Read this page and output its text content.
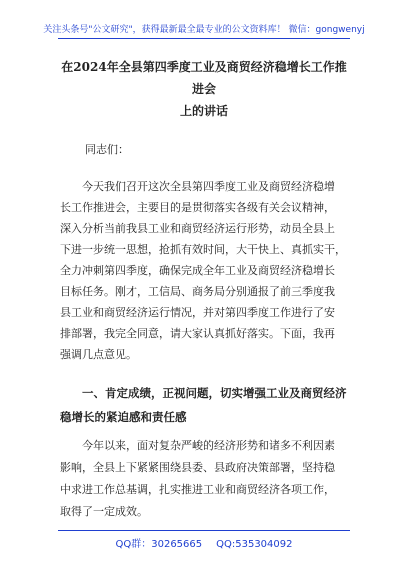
关注头条号"公文研究"，获得最新最全最专业的公文资料库！ 微信：gongwenyj
在2024年全县第四季度工业及商贸经济稳增长工作推进会
上的讲话
同志们：
今天我们召开这次全县第四季度工业及商贸经济稳增
长工作推进会，主要目的是贯彻落实各级有关会议精神，
深入分析当前我县工业和商贸经济运行形势，动员全县上
下进一步统一思想，抢抓有效时间，大干快上、真抓实干，
全力冲刺第四季度，确保完成全年工业及商贸经济稳增长
目标任务。刚才，工信局、商务局分别通报了前三季度我
县工业和商贸经济运行情况，并对第四季度工作进行了安
排部署，我完全同意，请大家认真抓好落实。下面，我再
强调几点意见。
一、肯定成绩，正视问题，切实增强工业及商贸经济
稳增长的紧迫感和责任感
今年以来，面对复杂严峻的经济形势和诸多不利因素
影响，全县上下紧紧围绕县委、县政府决策部署，坚持稳
中求进工作总基调，扎实推进工业和商贸经济各项工作，
取得了一定成效。
QQ群：30265665 QQ:535304092
